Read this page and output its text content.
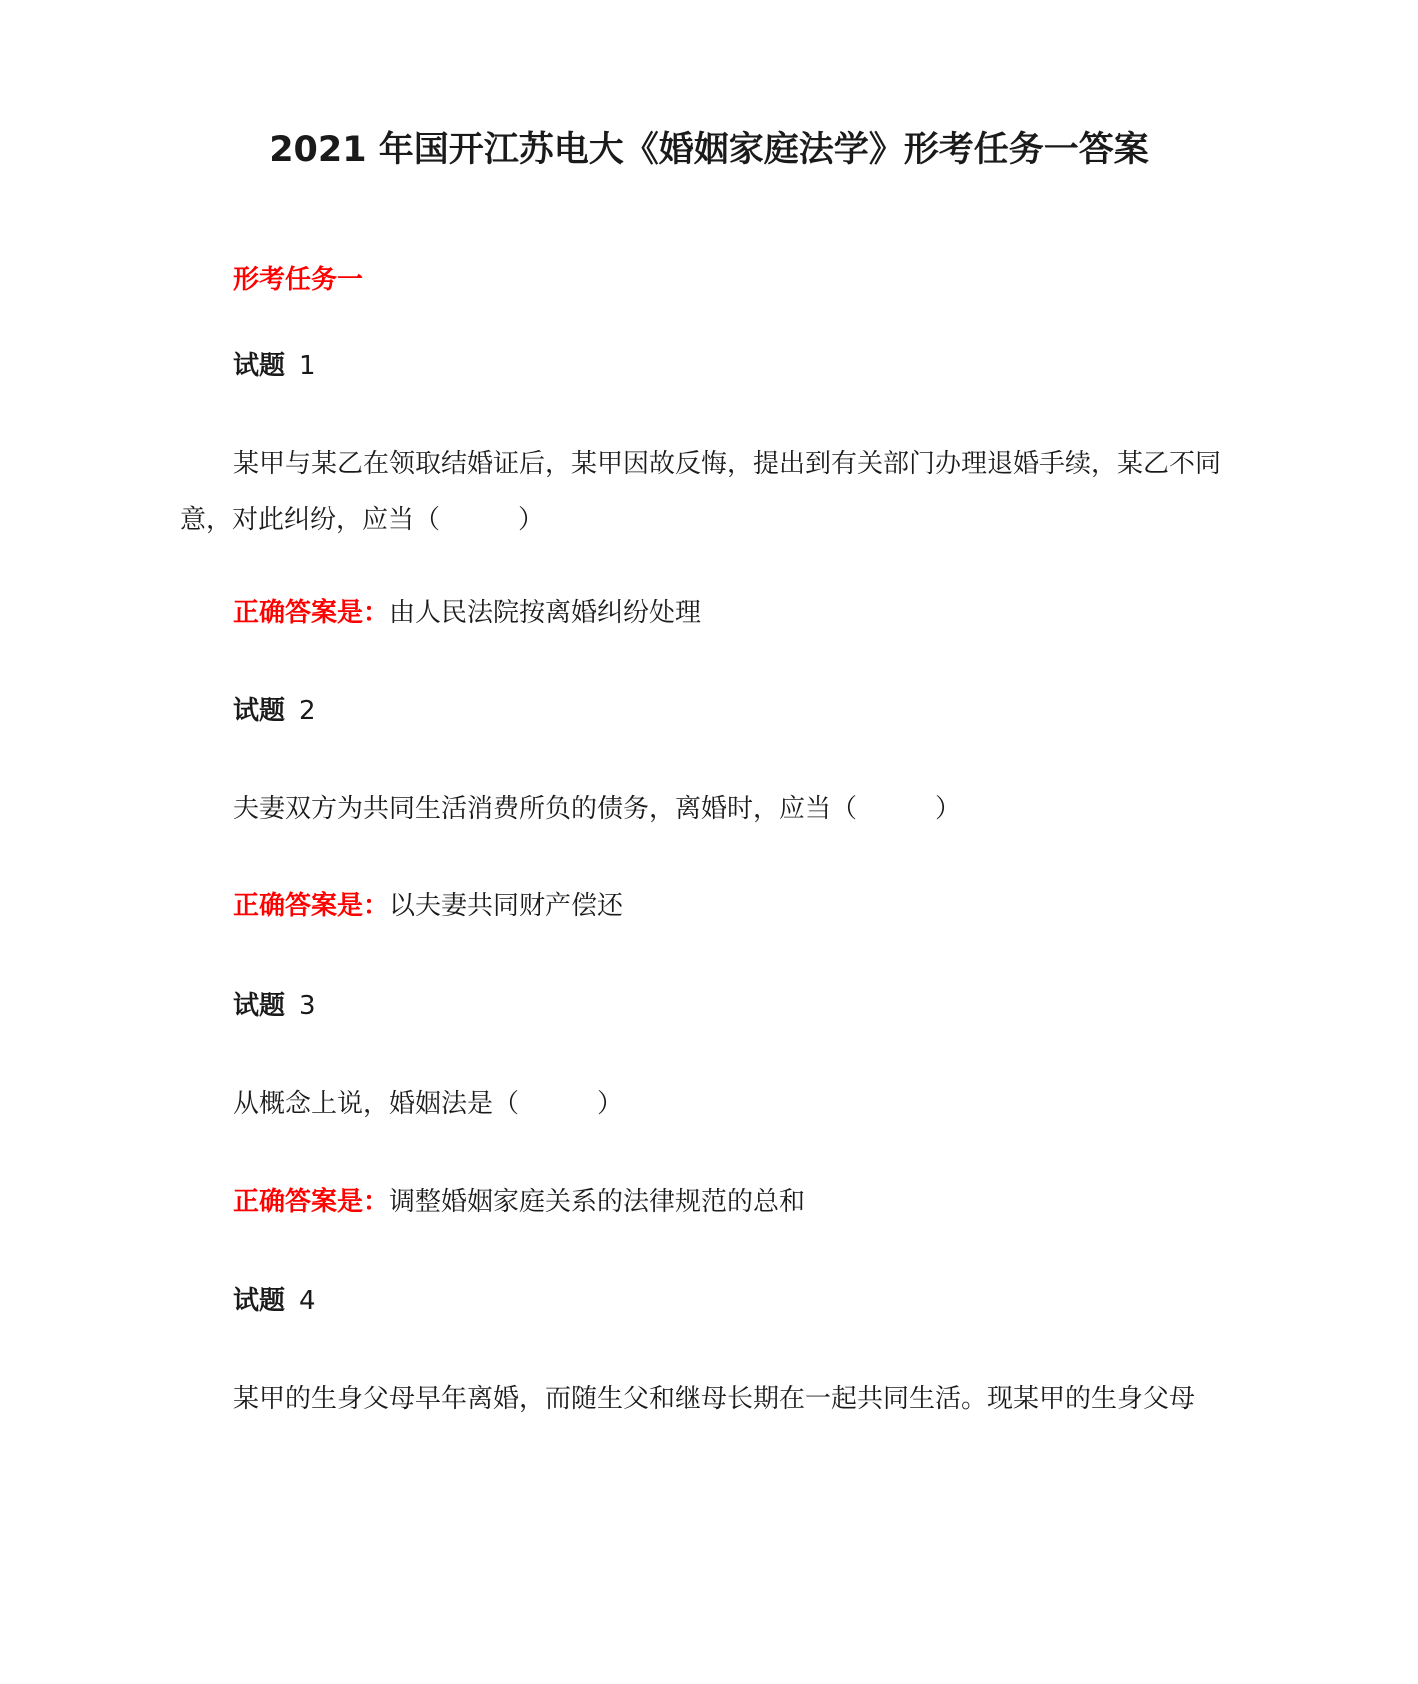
2021 年国开江苏电大《婚姻家庭法学》形考任务一答案
形考任务一
试题 1
某甲与某乙在领取结婚证后，某甲因故反悔，提出到有关部门办理退婚手续，某乙不同意，对此纠纷，应当（　　　）
正确答案是：由人民法院按离婚纠纷处理
试题 2
夫妻双方为共同生活消费所负的债务，离婚时，应当（　　　）
正确答案是：以夫妻共同财产偿还
试题 3
从概念上说，婚姻法是（　　　）
正确答案是：调整婚姻家庭关系的法律规范的总和
试题 4
某甲的生身父母早年离婚，而随生父和继母长期在一起共同生活。现某甲的生身父母
